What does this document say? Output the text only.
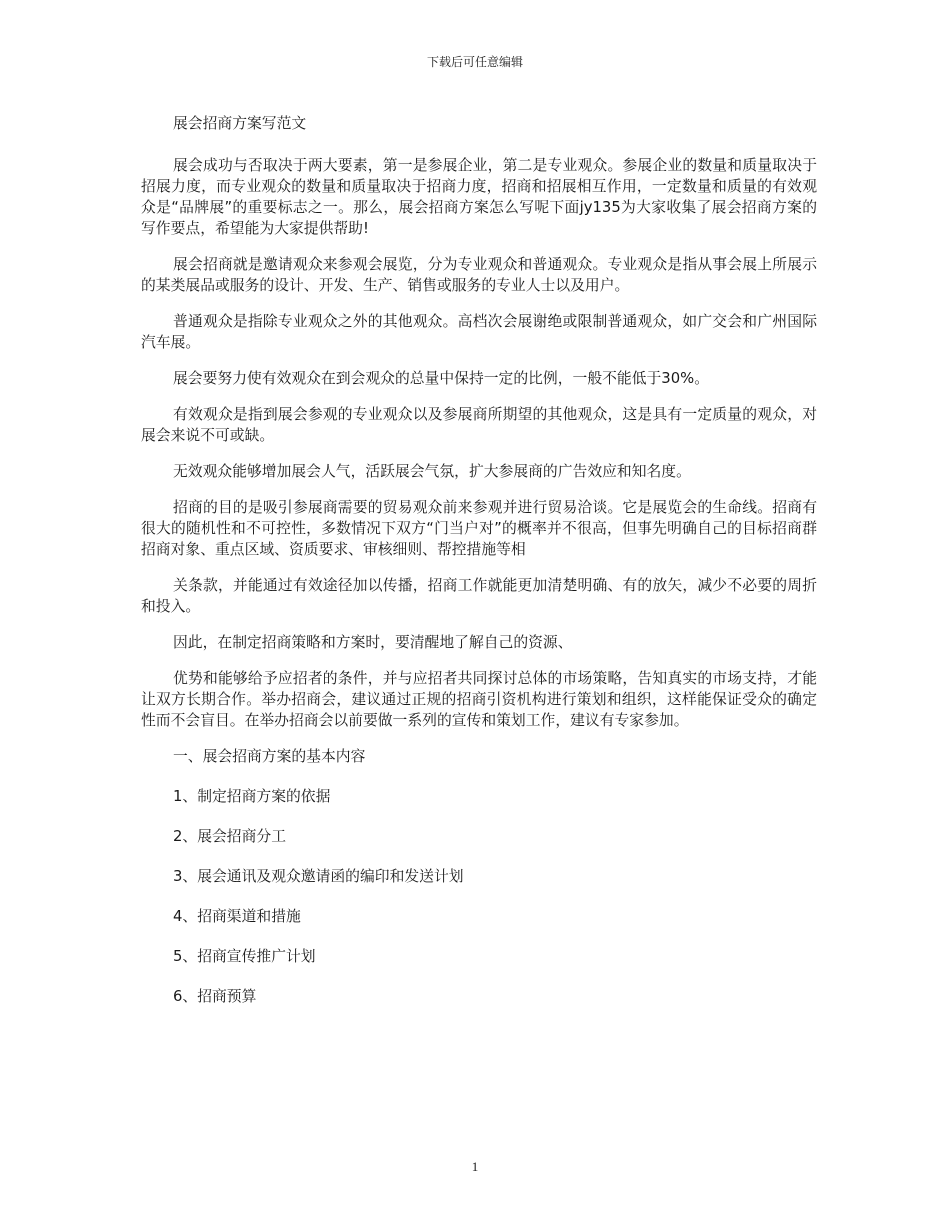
下载后可任意编辑

展会招商方案写范文

展会成功与否取决于两大要素，第一是参展企业，第二是专业观众。参展企业的数量和质量取决于招展力度，而专业观众的数量和质量取决于招商力度，招商和招展相互作用，一定数量和质量的有效观众是“品牌展”的重要标志之一。那么，展会招商方案怎么写呢下面jy135为大家收集了展会招商方案的写作要点，希望能为大家提供帮助!

展会招商就是邀请观众来参观会展览，分为专业观众和普通观众。专业观众是指从事会展上所展示的某类展品或服务的设计、开发、生产、销售或服务的专业人士以及用户。

普通观众是指除专业观众之外的其他观众。高档次会展谢绝或限制普通观众，如广交会和广州国际汽车展。

展会要努力使有效观众在到会观众的总量中保持一定的比例，一般不能低于30%。

有效观众是指到展会参观的专业观众以及参展商所期望的其他观众，这是具有一定质量的观众，对展会来说不可或缺。

无效观众能够增加展会人气，活跃展会气氛，扩大参展商的广告效应和知名度。

招商的目的是吸引参展商需要的贸易观众前来参观并进行贸易洽谈。它是展览会的生命线。招商有很大的随机性和不可控性，多数情况下双方“门当户对”的概率并不很高，但事先明确自己的目标招商群招商对象、重点区域、资质要求、审核细则、帮控措施等相

关条款，并能通过有效途径加以传播，招商工作就能更加清楚明确、有的放矢，减少不必要的周折和投入。

因此，在制定招商策略和方案时，要清醒地了解自己的资源、

优势和能够给予应招者的条件，并与应招者共同探讨总体的市场策略，告知真实的市场支持，才能让双方长期合作。举办招商会，建议通过正规的招商引资机构进行策划和组织，这样能保证受众的确定性而不会盲目。在举办招商会以前要做一系列的宣传和策划工作，建议有专家参加。

一、展会招商方案的基本内容

1、制定招商方案的依据

2、展会招商分工

3、展会通讯及观众邀请函的编印和发送计划

4、招商渠道和措施

5、招商宣传推广计划

6、招商预算

1
